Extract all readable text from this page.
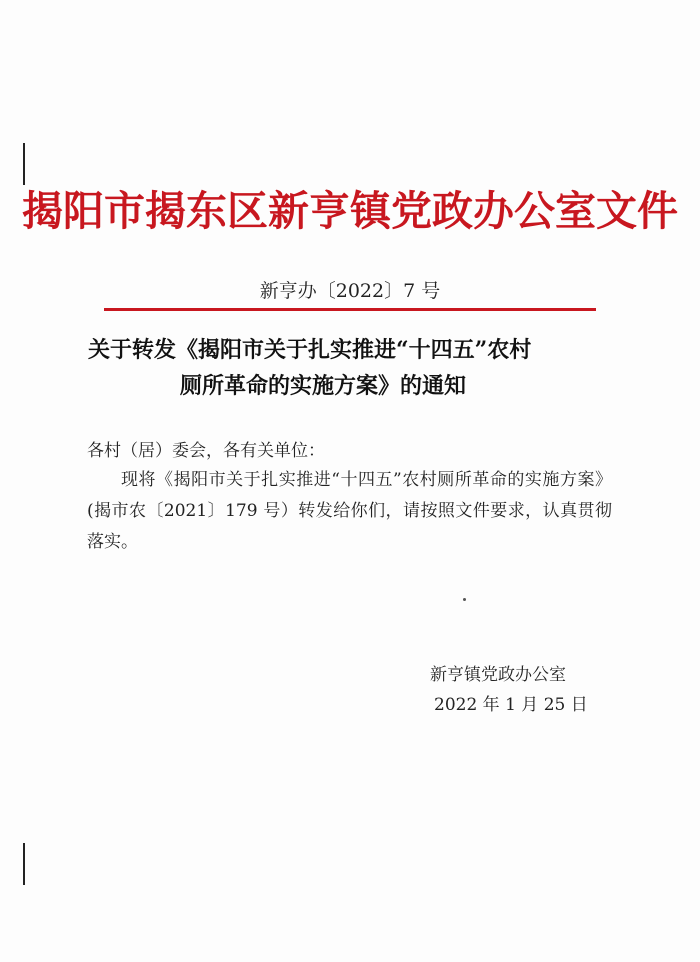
揭阳市揭东区新亨镇党政办公室文件
新亨办〔2022〕7 号
关于转发《揭阳市关于扎实推进“十四五”农村
厕所革命的实施方案》的通知
各村（居）委会，各有关单位：
现将《揭阳市关于扎实推进“十四五”农村厕所革命的实施方案》(揭市农〔2021〕179 号）转发给你们，请按照文件要求，认真贯彻落实。
新亨镇党政办公室
2022 年 1 月 25 日
